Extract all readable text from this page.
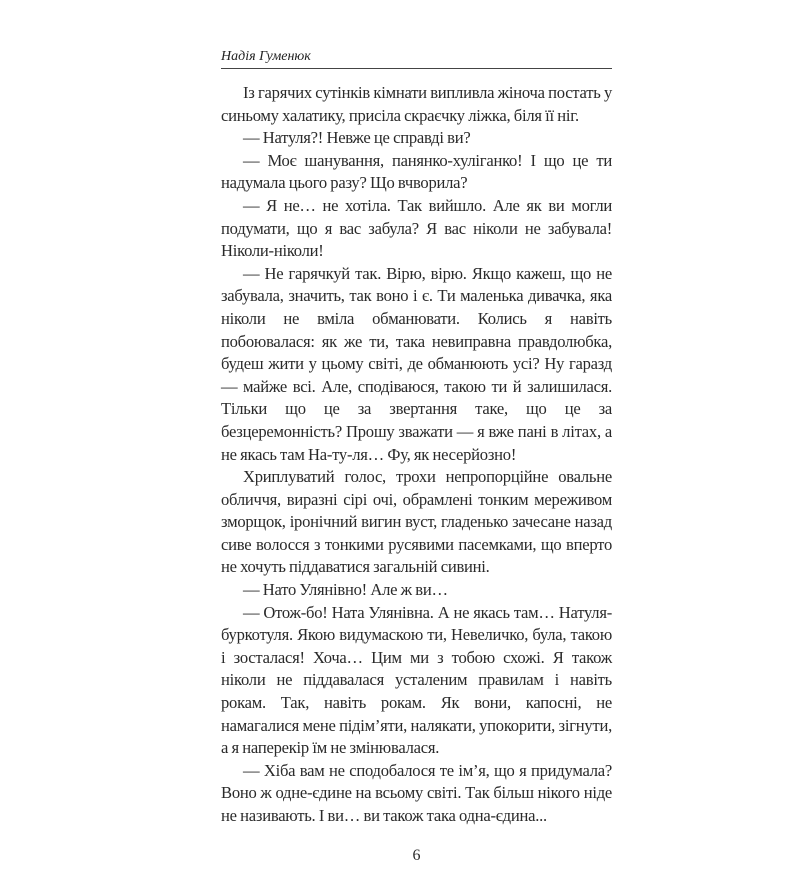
Надія Гуменюк

Із гарячих сутінків кімнати випливла жіноча постать у синьому халатику, присіла скраєчку ліжка, біля її ніг.

— Натуля?! Невже це справді ви?

— Моє шанування, панянко-хуліганко! І що це ти надумала цього разу? Що вчворила?

— Я не… не хотіла. Так вийшло. Але як ви могли подумати, що я вас забула? Я вас ніколи не забувала! Ніколи-ніколи!

— Не гарячкуй так. Вірю, вірю. Якщо кажеш, що не забувала, значить, так воно і є. Ти маленька дивачка, яка ніколи не вміла обманювати. Колись я навіть побоювалася: як же ти, така невиправна правдолюбка, будеш жити у цьому світі, де обманюють усі? Ну гаразд — майже всі. Але, сподіваюся, такою ти й залишилася. Тільки що це за звертання таке, що це за безцеремонність? Прошу зважати — я вже пані в літах, а не якась там На-ту-ля… Фу, як несерйозно!

Хриплуватий голос, трохи непропорційне овальне обличчя, виразні сірі очі, обрамлені тонким мереживом зморщок, іронічний вигин вуст, гладенько зачесане назад сиве волосся з тонкими русявими пасемками, що вперто не хочуть піддаватися загальній сивині.

— Нато Улянівно! Але ж ви…

— Отож-бо! Ната Улянівна. А не якась там… Натуля-буркотуля. Якою видумаскою ти, Невеличко, була, такою і зосталася! Хоча… Цим ми з тобою схожі. Я також ніколи не піддавалася усталеним правилам і навіть рокам. Так, навіть рокам. Як вони, капосні, не намагалися мене підім’яти, налякати, упокорити, зігнути, а я наперекір їм не змінювалася.

— Хіба вам не сподобалося те ім’я, що я придумала? Воно ж одне-єдине на всьому світі. Так більш нікого ніде не називають. І ви… ви також така одна-єдина...

6
